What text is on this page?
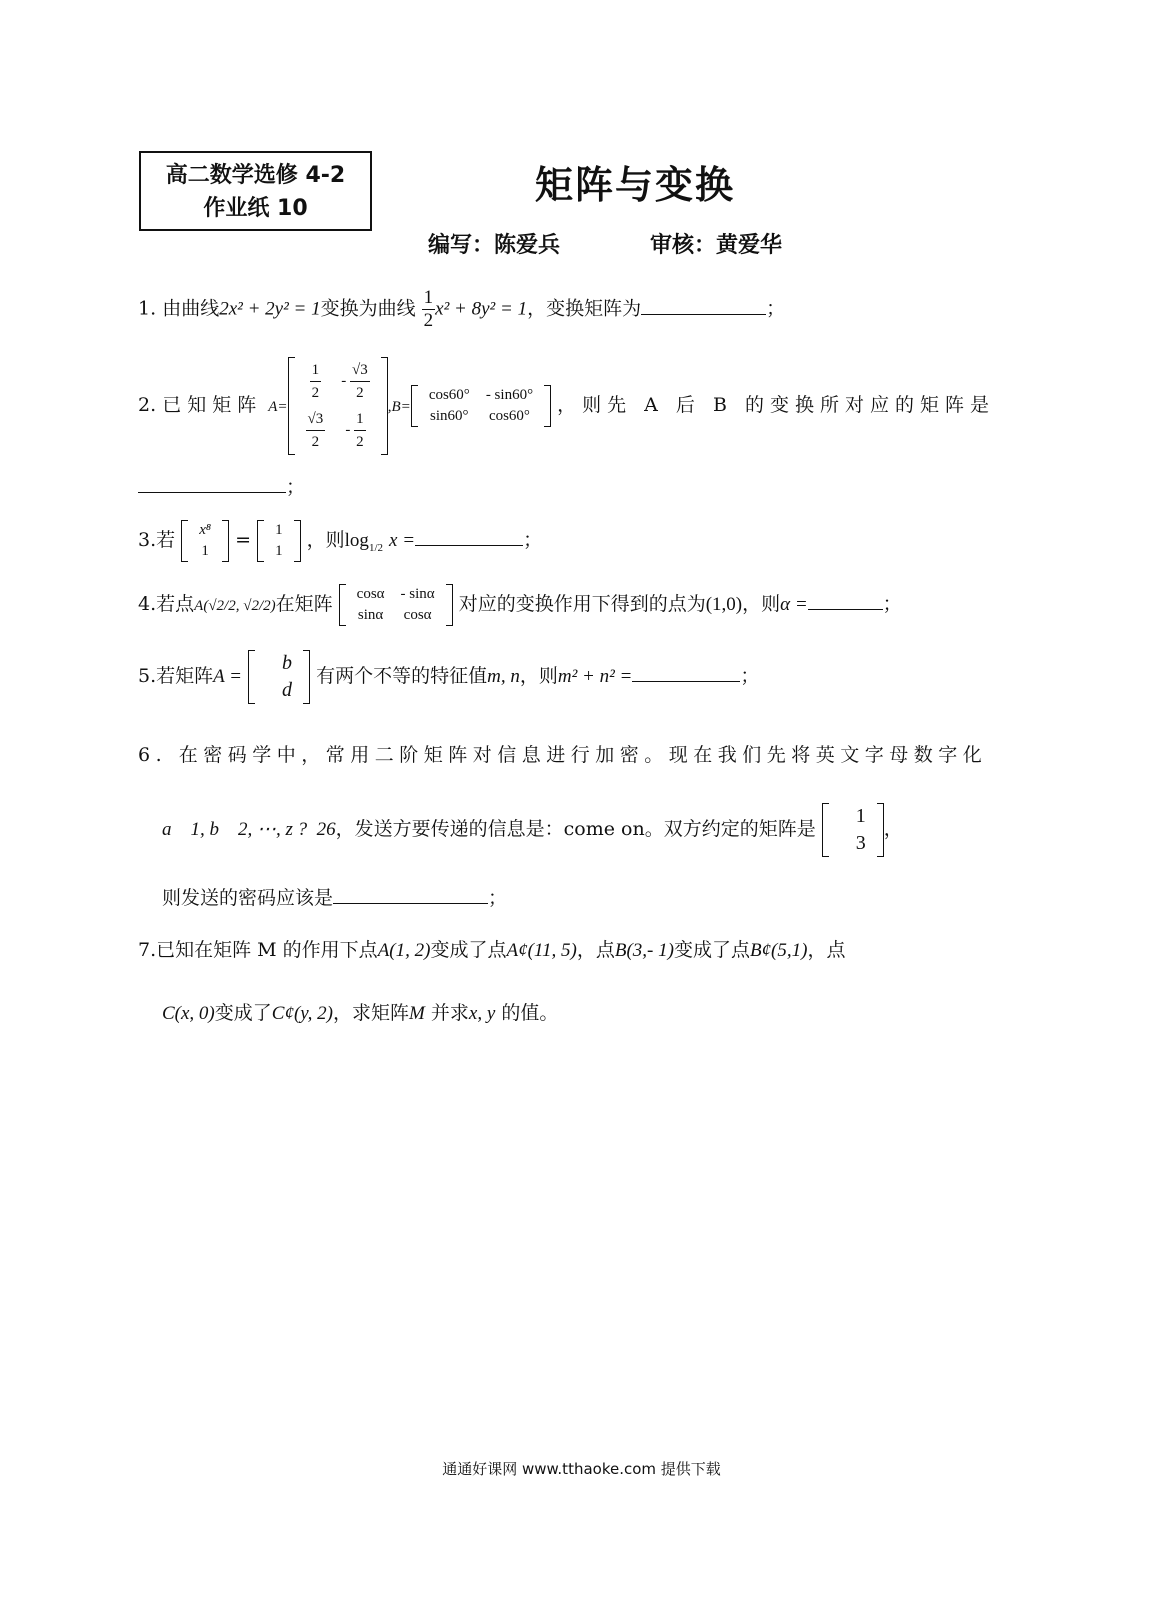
高二数学选修 4-2
作业纸 10
矩阵与变换
编写：陈爱兵	审核：黄爱华
1. 由曲线2x² + 2y² = 1变换为曲线 $\frac{1}{2} x^2 + 8y^2 = 1$，变换矩阵为	；
2. 已知矩阵 A=
$\frac{1}{2}$	- $\frac{√3}{2}$

$\frac{√3}{2}$	- $\frac{1}{2}$
,B=
cos60°	- sin60°
sin60°	cos60° ，则先 A 后 B 的变换所对应的矩阵是
；
3.若 x⁸
1 = 1
1 ，则$\log_{1/2} x$ =	；
4.若点A(√2/2, √2/2)在矩阵 cosα	- sinα
sinα	cosα 对应的变换作用下得到的点为(1,0)，则α =	；
5.若矩阵A =
	b
	d
有两个不等的特征值m, n，则m² + n² =	；
6. 在密码学中，常用二阶矩阵对信息进行加密。现在我们先将英文字母数字化
a    1, b    2, ⋯, z ?  26，发送方要传递的信息是：come on。双方约定的矩阵是
	1
	3
，
则发送的密码应该是	；
7.已知在矩阵 M 的作用下点A(1, 2)变成了点A¢(11, 5)，点B(3,- 1)变成了点B¢(5,1)，点
C(x, 0)变成了C¢(y, 2)，求矩阵M 并求x, y 的值。
通通好课网 www.tthaoke.com 提供下载
